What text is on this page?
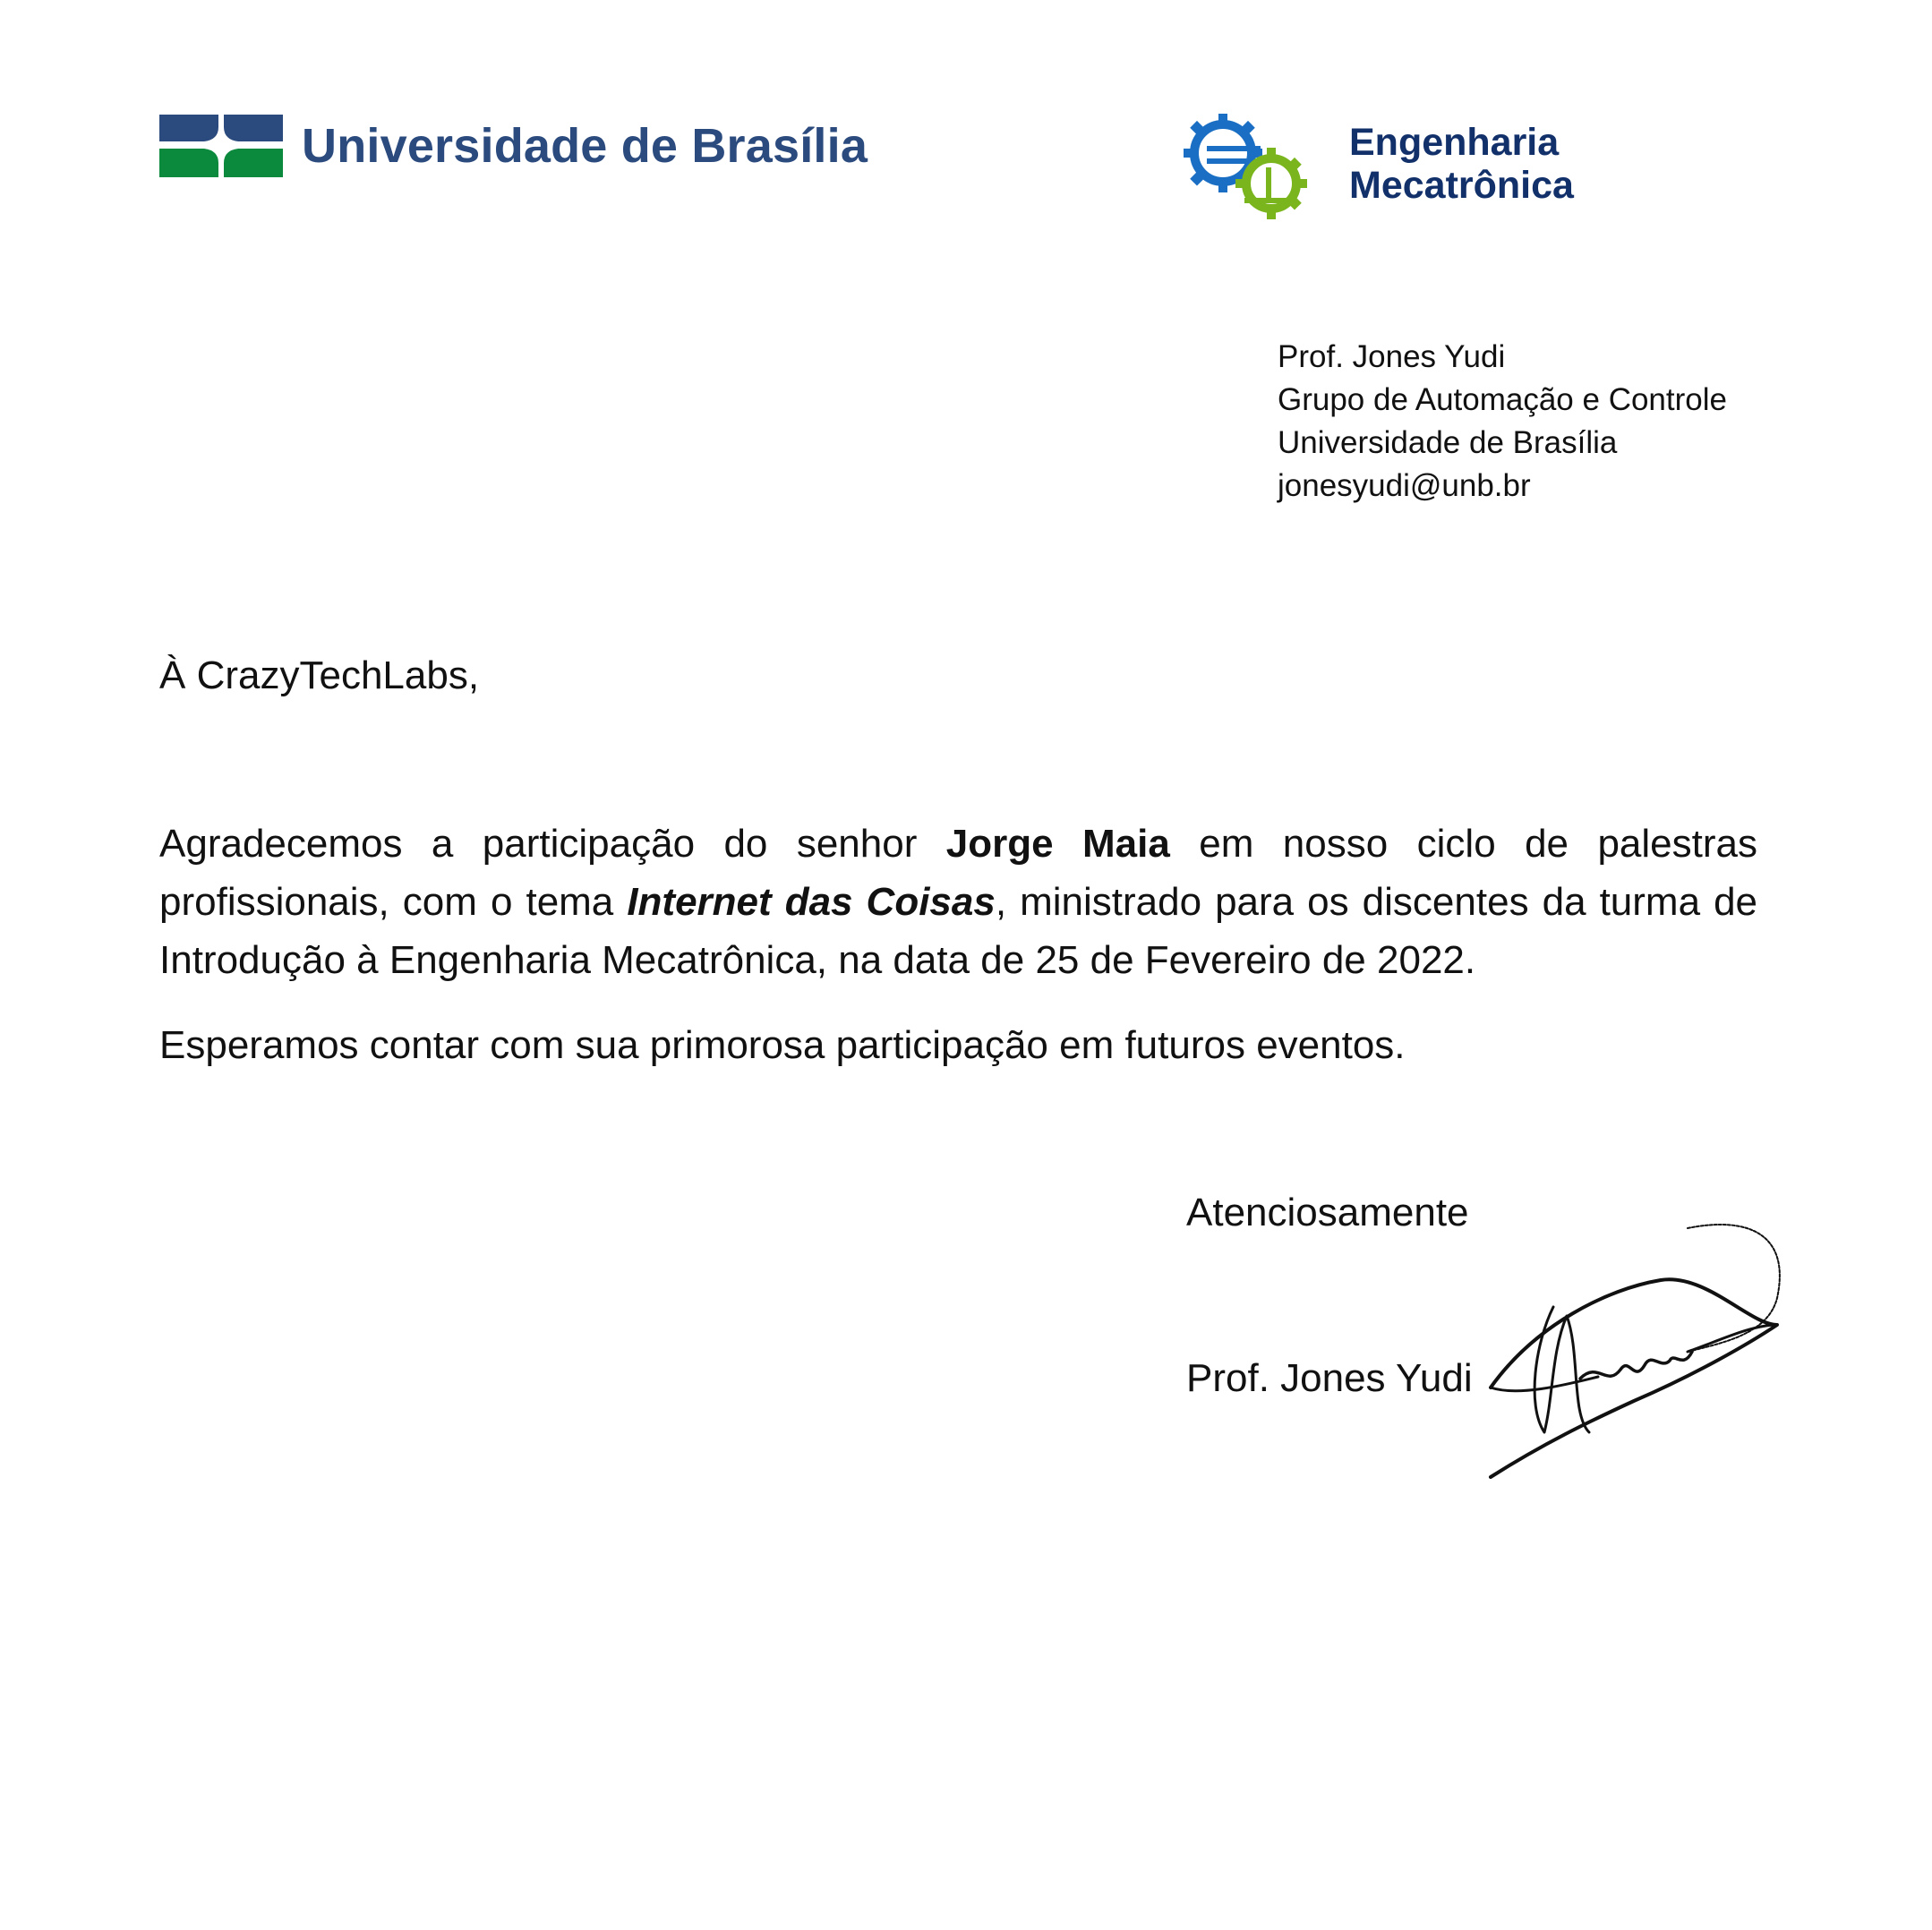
Universidade de Brasília	Engenharia
Mecatrônica
Prof. Jones Yudi
Grupo de Automação e Controle
Universidade de Brasília
jonesyudi@unb.br
À CrazyTechLabs,
Agradecemos a participação do senhor Jorge Maia em nosso ciclo de palestras profissionais, com o tema Internet das Coisas, ministrado para os discentes da turma de Introdução à Engenharia Mecatrônica, na data de 25 de Fevereiro de 2022.
Esperamos contar com sua primorosa participação em futuros eventos.
Atenciosamente
Prof. Jones Yudi
